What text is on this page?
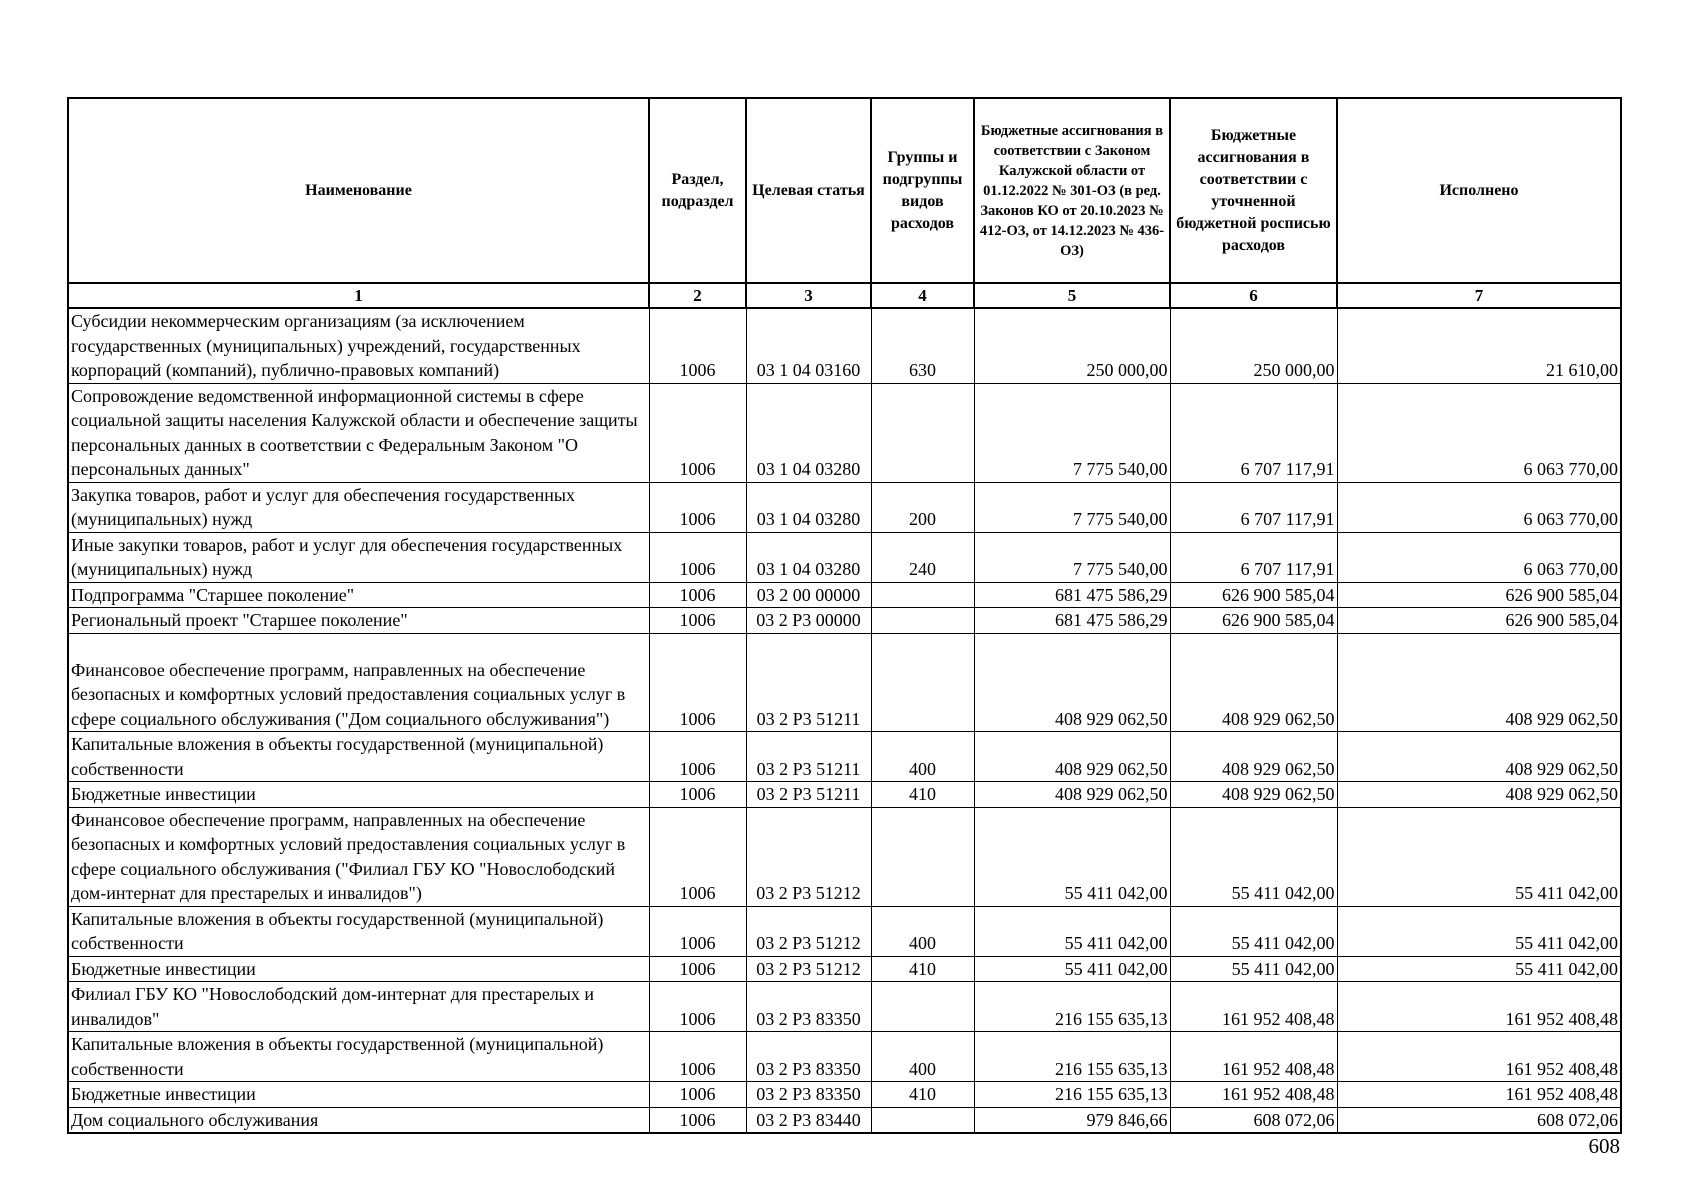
Наименование	Раздел, подраздел	Целевая статья	Группы и подгруппы видов расходов	Бюджетные ассигнования в соответствии с Законом Калужской области от 01.12.2022 № 301-ОЗ (в ред. Законов КО от 20.10.2023 № 412-ОЗ, от 14.12.2023 № 436-ОЗ)	Бюджетные ассигнования в соответствии с уточненной бюджетной росписью расходов	Исполнено
1	2	3	4	5	6	7
Субсидии некоммерческим организациям (за исключением государственных (муниципальных) учреждений, государственных корпораций (компаний), публично-правовых компаний)	1006	03 1 04 03160	630	250 000,00	250 000,00	21 610,00
Сопровождение ведомственной информационной системы в сфере социальной защиты населения Калужской области и обеспечение защиты персональных данных в соответствии с Федеральным Законом "О персональных данных"	1006	03 1 04 03280		7 775 540,00	6 707 117,91	6 063 770,00
Закупка товаров, работ и услуг для обеспечения государственных (муниципальных) нужд	1006	03 1 04 03280	200	7 775 540,00	6 707 117,91	6 063 770,00
Иные закупки товаров, работ и услуг для обеспечения государственных (муниципальных) нужд	1006	03 1 04 03280	240	7 775 540,00	6 707 117,91	6 063 770,00
Подпрограмма "Старшее поколение"	1006	03 2 00 00000		681 475 586,29	626 900 585,04	626 900 585,04
Региональный проект "Старшее поколение"	1006	03 2 P3 00000		681 475 586,29	626 900 585,04	626 900 585,04
Финансовое обеспечение программ, направленных на обеспечение безопасных и комфортных условий предоставления социальных услуг в сфере социального обслуживания ("Дом социального обслуживания")	1006	03 2 P3 51211		408 929 062,50	408 929 062,50	408 929 062,50
Капитальные вложения в объекты государственной (муниципальной) собственности	1006	03 2 P3 51211	400	408 929 062,50	408 929 062,50	408 929 062,50
Бюджетные инвестиции	1006	03 2 P3 51211	410	408 929 062,50	408 929 062,50	408 929 062,50
Финансовое обеспечение программ, направленных на обеспечение безопасных и комфортных условий предоставления социальных услуг в сфере социального обслуживания ("Филиал ГБУ КО "Новослободский дом-интернат для престарелых и инвалидов")	1006	03 2 P3 51212		55 411 042,00	55 411 042,00	55 411 042,00
Капитальные вложения в объекты государственной (муниципальной) собственности	1006	03 2 P3 51212	400	55 411 042,00	55 411 042,00	55 411 042,00
Бюджетные инвестиции	1006	03 2 P3 51212	410	55 411 042,00	55 411 042,00	55 411 042,00
Филиал ГБУ КО "Новослободский дом-интернат для престарелых и инвалидов"	1006	03 2 P3 83350		216 155 635,13	161 952 408,48	161 952 408,48
Капитальные вложения в объекты государственной (муниципальной) собственности	1006	03 2 P3 83350	400	216 155 635,13	161 952 408,48	161 952 408,48
Бюджетные инвестиции	1006	03 2 P3 83350	410	216 155 635,13	161 952 408,48	161 952 408,48
Дом социального обслуживания	1006	03 2 P3 83440		979 846,66	608 072,06	608 072,06
608
